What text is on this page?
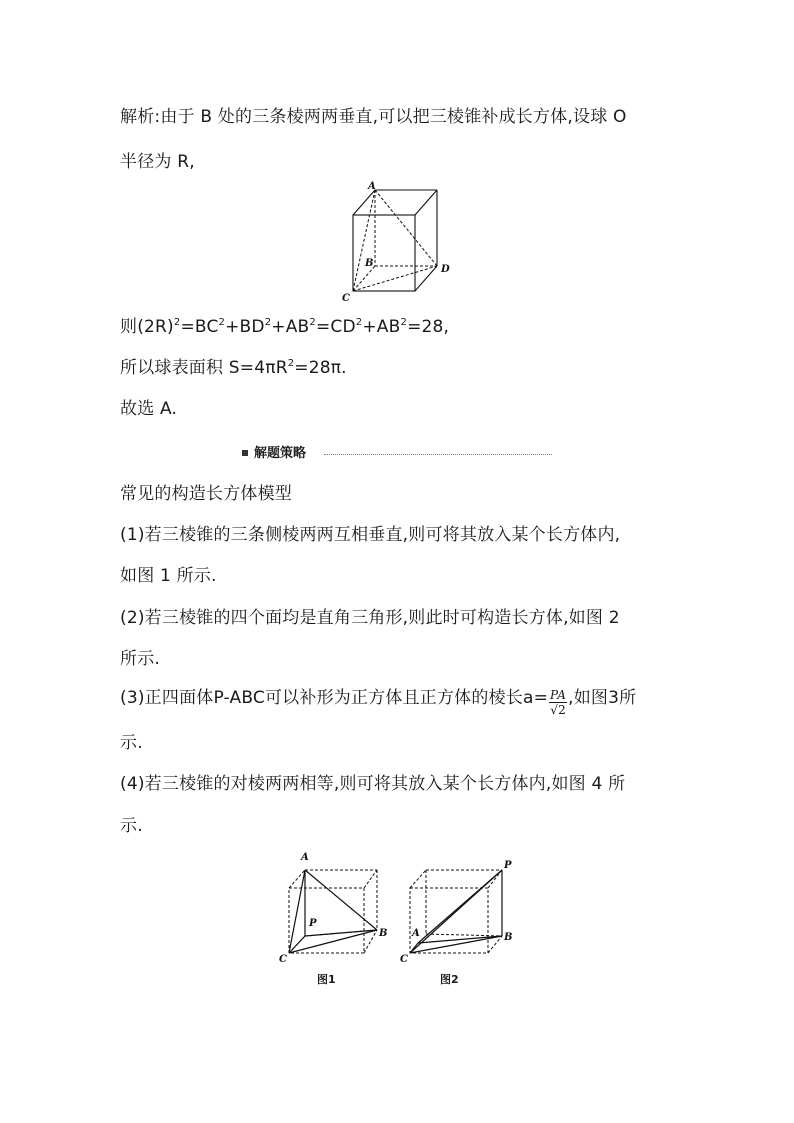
解析:由于 B 处的三条棱两两垂直,可以把三棱锥补成长方体,设球 O
半径为 R,
A
B
C
D
则$(2R)^2=BC^2+BD^2+AB^2=CD^2+AB^2=28$,
所以球表面积 $S=4\pi R^2=28\pi$.
故选 A.
解题策略
常见的构造长方体模型
(1)若三棱锥的三条侧棱两两互相垂直,则可将其放入某个长方体内,
如图 1 所示.
(2)若三棱锥的四个面均是直角三角形,则此时可构造长方体,如图 2
所示.
(3)正四面体P-ABC可以补形为正方体且正方体的棱长$a= \frac{PA}{√2}$ ,如图3所
示.
(4)若三棱锥的对棱两两相等,则可将其放入某个长方体内,如图 4 所
示.
A
P
B
C
图1
P
A	B
C
图2
